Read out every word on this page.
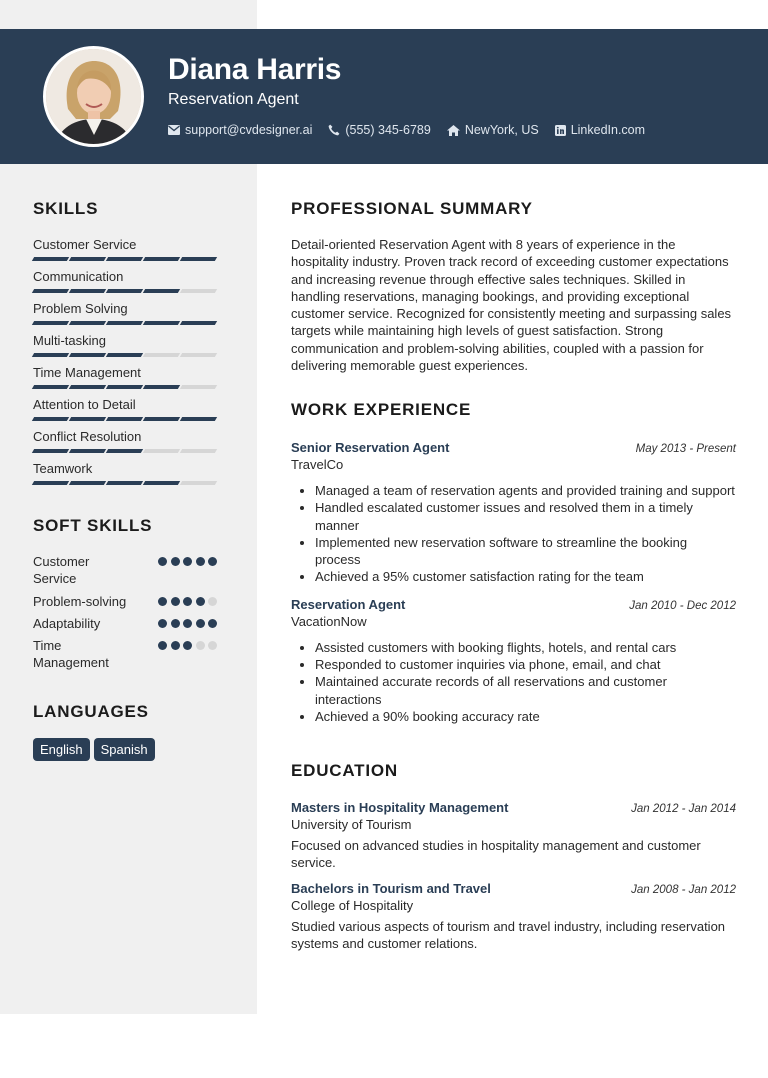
Diana Harris
Reservation Agent
support@cvdesigner.ai	(555) 345-6789	NewYork, US	LinkedIn.com
SKILLS
Customer Service
Communication
Problem Solving
Multi-tasking
Time Management
Attention to Detail
Conflict Resolution
Teamwork
SOFT SKILLS
Customer Service
Problem-solving
Adaptability
Time Management
LANGUAGES
English	Spanish
PROFESSIONAL SUMMARY

Detail-oriented Reservation Agent with 8 years of experience in the hospitality industry. Proven track record of exceeding customer expectations and increasing revenue through effective sales techniques. Skilled in handling reservations, managing bookings, and providing exceptional customer service. Recognized for consistently meeting and surpassing sales targets while maintaining high levels of guest satisfaction. Strong communication and problem-solving abilities, coupled with a passion for delivering memorable guest experiences.

WORK EXPERIENCE
Senior Reservation Agent	May 2013 - Present
TravelCo
• Managed a team of reservation agents and provided training and support
• Handled escalated customer issues and resolved them in a timely manner
• Implemented new reservation software to streamline the booking process
• Achieved a 95% customer satisfaction rating for the team
Reservation Agent	Jan 2010 - Dec 2012
VacationNow
• Assisted customers with booking flights, hotels, and rental cars
• Responded to customer inquiries via phone, email, and chat
• Maintained accurate records of all reservations and customer interactions
• Achieved a 90% booking accuracy rate
EDUCATION
Masters in Hospitality Management	Jan 2012 - Jan 2014
University of Tourism

Focused on advanced studies in hospitality management and customer service.

Bachelors in Tourism and Travel	Jan 2008 - Jan 2012
College of Hospitality

Studied various aspects of tourism and travel industry, including reservation systems and customer relations.
